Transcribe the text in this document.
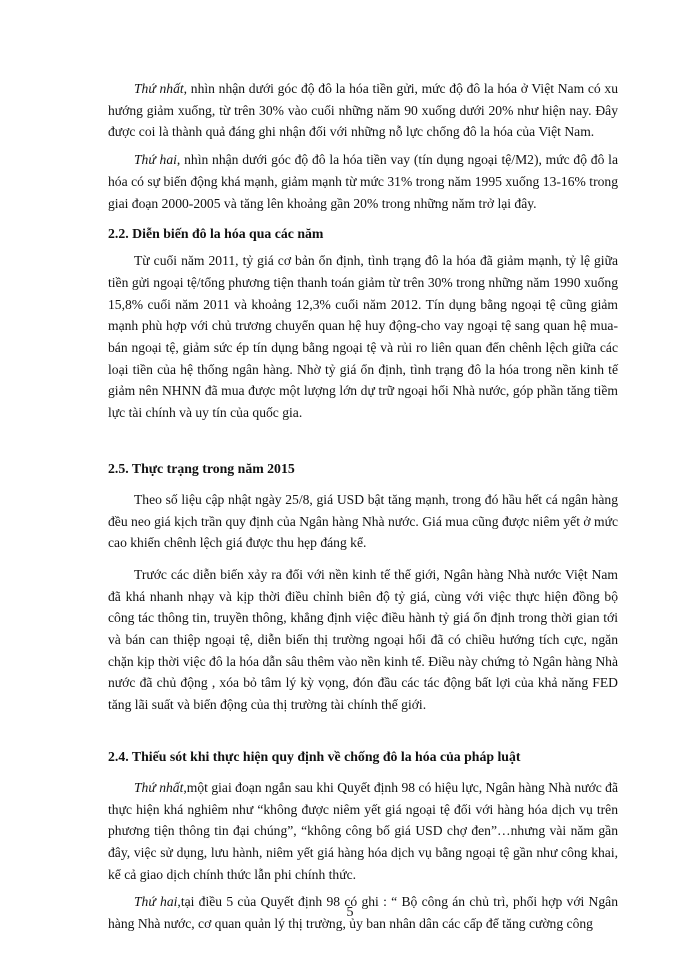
Thứ nhất, nhìn nhận dưới góc độ đô la hóa tiền gửi, mức độ đô la hóa ở Việt Nam có xu hướng giảm xuống, từ trên 30% vào cuối những năm 90 xuống dưới 20% như hiện nay. Đây được coi là thành quả đáng ghi nhận đối với những nỗ lực chống đô la hóa của Việt Nam.

Thứ hai, nhìn nhận dưới góc độ đô la hóa tiền vay (tín dụng ngoại tệ/M2), mức độ đô la hóa có sự biến động khá mạnh, giảm mạnh từ mức 31% trong năm 1995 xuống 13-16% trong giai đoạn 2000-2005 và tăng lên khoảng gần 20% trong những năm trở lại đây.

2.2. Diễn biến đô la hóa qua các năm

Từ cuối năm 2011, tỷ giá cơ bản ổn định, tình trạng đô la hóa đã giảm mạnh, tỷ lệ giữa tiền gửi ngoại tệ/tổng phương tiện thanh toán giảm từ trên 30% trong những năm 1990 xuống 15,8% cuối năm 2011 và khoảng 12,3% cuối năm 2012. Tín dụng bằng ngoại tệ cũng giảm mạnh phù hợp với chủ trương chuyển quan hệ huy động-cho vay ngoại tệ sang quan hệ mua-bán ngoại tệ, giảm sức ép tín dụng bằng ngoại tệ và rủi ro liên quan đến chênh lệch giữa các loại tiền của hệ thống ngân hàng. Nhờ tỷ giá ổn định, tình trạng đô la hóa trong nền kinh tế giảm nên NHNN đã mua được một lượng lớn dự trữ ngoại hối Nhà nước, góp phần tăng tiềm lực tài chính và uy tín của quốc gia.

2.5. Thực trạng trong năm 2015

Theo số liệu cập nhật ngày 25/8, giá USD bật tăng mạnh, trong đó hầu hết cá ngân hàng đều neo giá kịch trần quy định của Ngân hàng Nhà nước. Giá mua cũng được niêm yết ở mức cao khiến chênh lệch giá được thu hẹp đáng kể.

Trước các diễn biến xảy ra đối với nền kinh tế thế giới, Ngân hàng Nhà nước Việt Nam đã khá nhanh nhạy và kịp thời điều chỉnh biên độ tỷ giá, cùng với việc thực hiện đồng bộ công tác thông tin, truyền thông, khẳng định việc điều hành tỷ giá ổn định trong thời gian tới và bán can thiệp ngoại tệ, diễn biến thị trường ngoại hối đã có chiều hướng tích cực, ngăn chặn kịp thời việc đô la hóa dẫn sâu thêm vào nền kinh tế. Điều này chứng tỏ Ngân hàng Nhà nước đã chủ động , xóa bỏ tâm lý kỳ vọng, đón đầu các tác động bất lợi của khả năng FED tăng lãi suất và biến động của thị trường tài chính thế giới.

2.4. Thiếu sót khi thực hiện quy định về chống đô la hóa của pháp luật

Thứ nhất,một giai đoạn ngắn sau khi Quyết định 98 có hiệu lực, Ngân hàng Nhà nước đã thực hiện khá nghiêm như “không được niêm yết giá ngoại tệ đối với hàng hóa dịch vụ trên phương tiện thông tin đại chúng”, “không công bố giá USD chợ đen”…nhưng vài năm gần đây, việc sử dụng, lưu hành, niêm yết giá hàng hóa dịch vụ bằng ngoại tệ gần như công khai, kể cả giao dịch chính thức lẫn phi chính thức.

Thứ hai,tại điều 5 của Quyết định 98 có ghi : “ Bộ công án chủ trì, phối hợp với Ngân hàng Nhà nước, cơ quan quản lý thị trường, ủy ban nhân dân các cấp để tăng cường công

5
